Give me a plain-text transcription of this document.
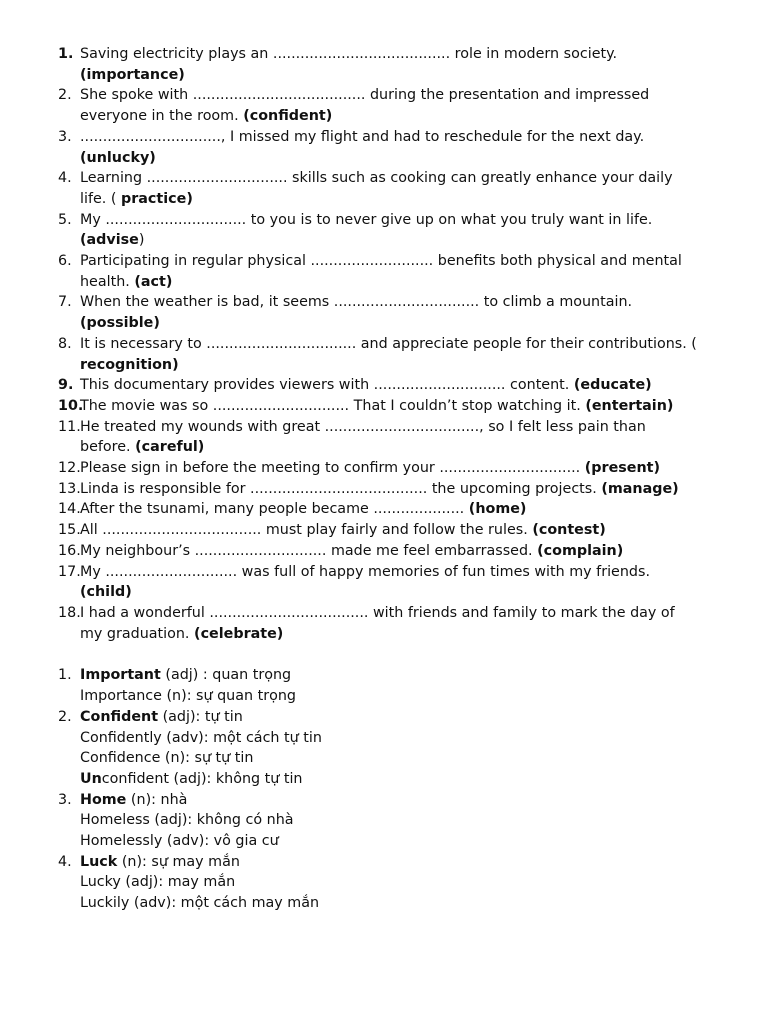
1. Saving electricity plays an ....................................... role in modern society. (importance)
2. She spoke with ...................................... during the presentation and impressed everyone in the room. (confident)
3. ..............................., I missed my flight and had to reschedule for the next day. (unlucky)
4. Learning ............................... skills such as cooking can greatly enhance your daily life. ( practice)
5. My ............................... to you is to never give up on what you truly want in life. (advise)
6. Participating in regular physical ........................... benefits both physical and mental health. (act)
7. When the weather is bad, it seems ................................ to climb a mountain. (possible)
8. It is necessary to ................................. and appreciate people for their contributions. ( recognition)
9. This documentary provides viewers with ............................. content. (educate)
10.
The movie was so .............................. That I couldn’t stop watching it. (entertain)
11. He treated my wounds with great .................................., so I felt less pain than before. (careful)
12. Please sign in before the meeting to confirm your ............................... (present)
13. Linda is responsible for ....................................... the upcoming projects. (manage)
14. After the tsunami, many people became .................... (home)
15. All ................................... must play fairly and follow the rules. (contest)
16. My neighbour’s ............................. made me feel embarrassed. (complain)
17. My ............................. was full of happy memories of fun times with my friends. (child)
18. I had a wonderful ................................... with friends and family to mark the day of my graduation. (celebrate)
1. Important (adj) : quan trọng
Importance (n): sự quan trọng
2. Confident (adj): tự tin
Confidently (adv): một cách tự tin
Confidence (n): sự tự tin
Unconfident (adj): không tự tin
3. Home (n): nhà
Homeless (adj): không có nhà
Homelessly (adv): vô gia cư
4. Luck (n): sự may mắn
Lucky (adj): may mắn
Luckily (adv): một cách may mắn
